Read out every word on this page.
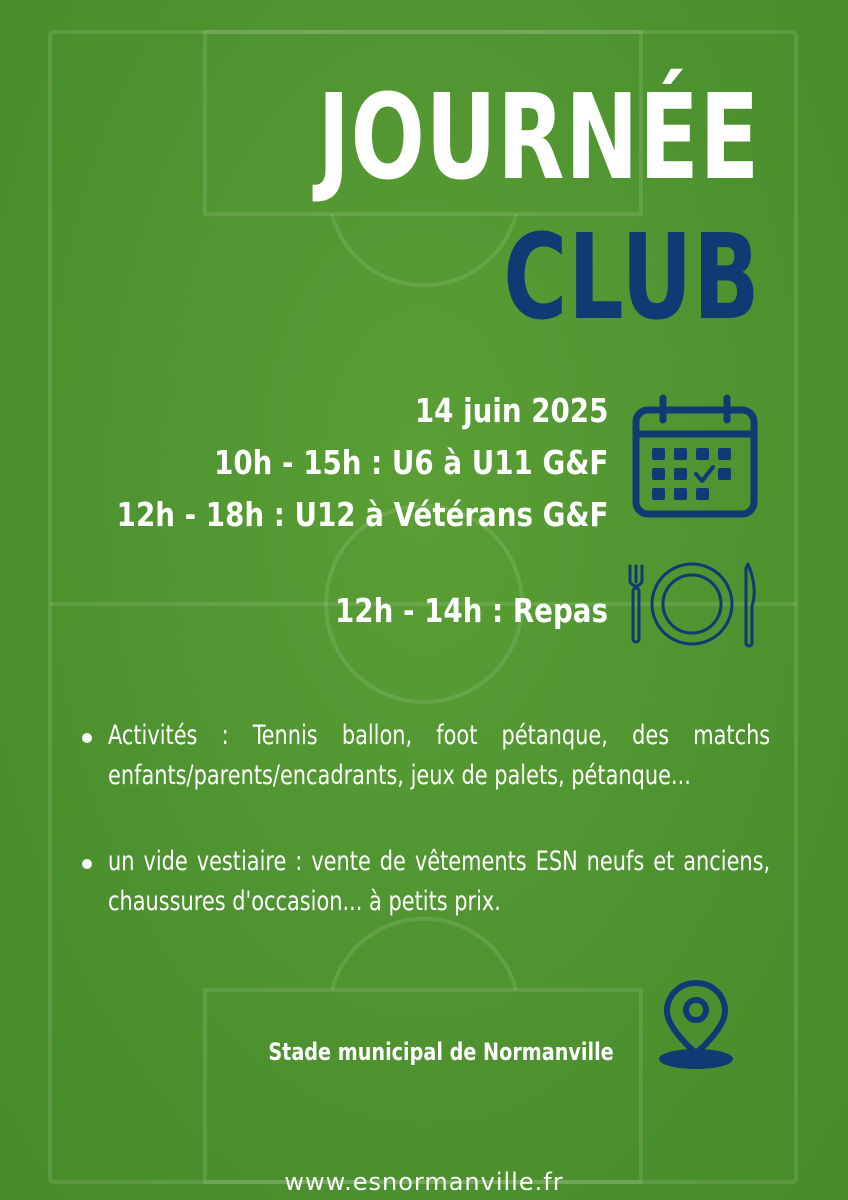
JOURNÉE
CLUB
14 juin 2025
10h - 15h : U6 à U11 G&F
12h - 18h : U12 à Vétérans G&F
12h - 14h : Repas
Activités : Tennis ballon, foot pétanque, des matchs enfants/parents/encadrants, jeux de palets, pétanque...
un vide vestiaire : vente de vêtements ESN neufs et anciens, chaussures d'occasion... à petits prix.
Stade municipal de Normanville
www.esnormanville.fr
